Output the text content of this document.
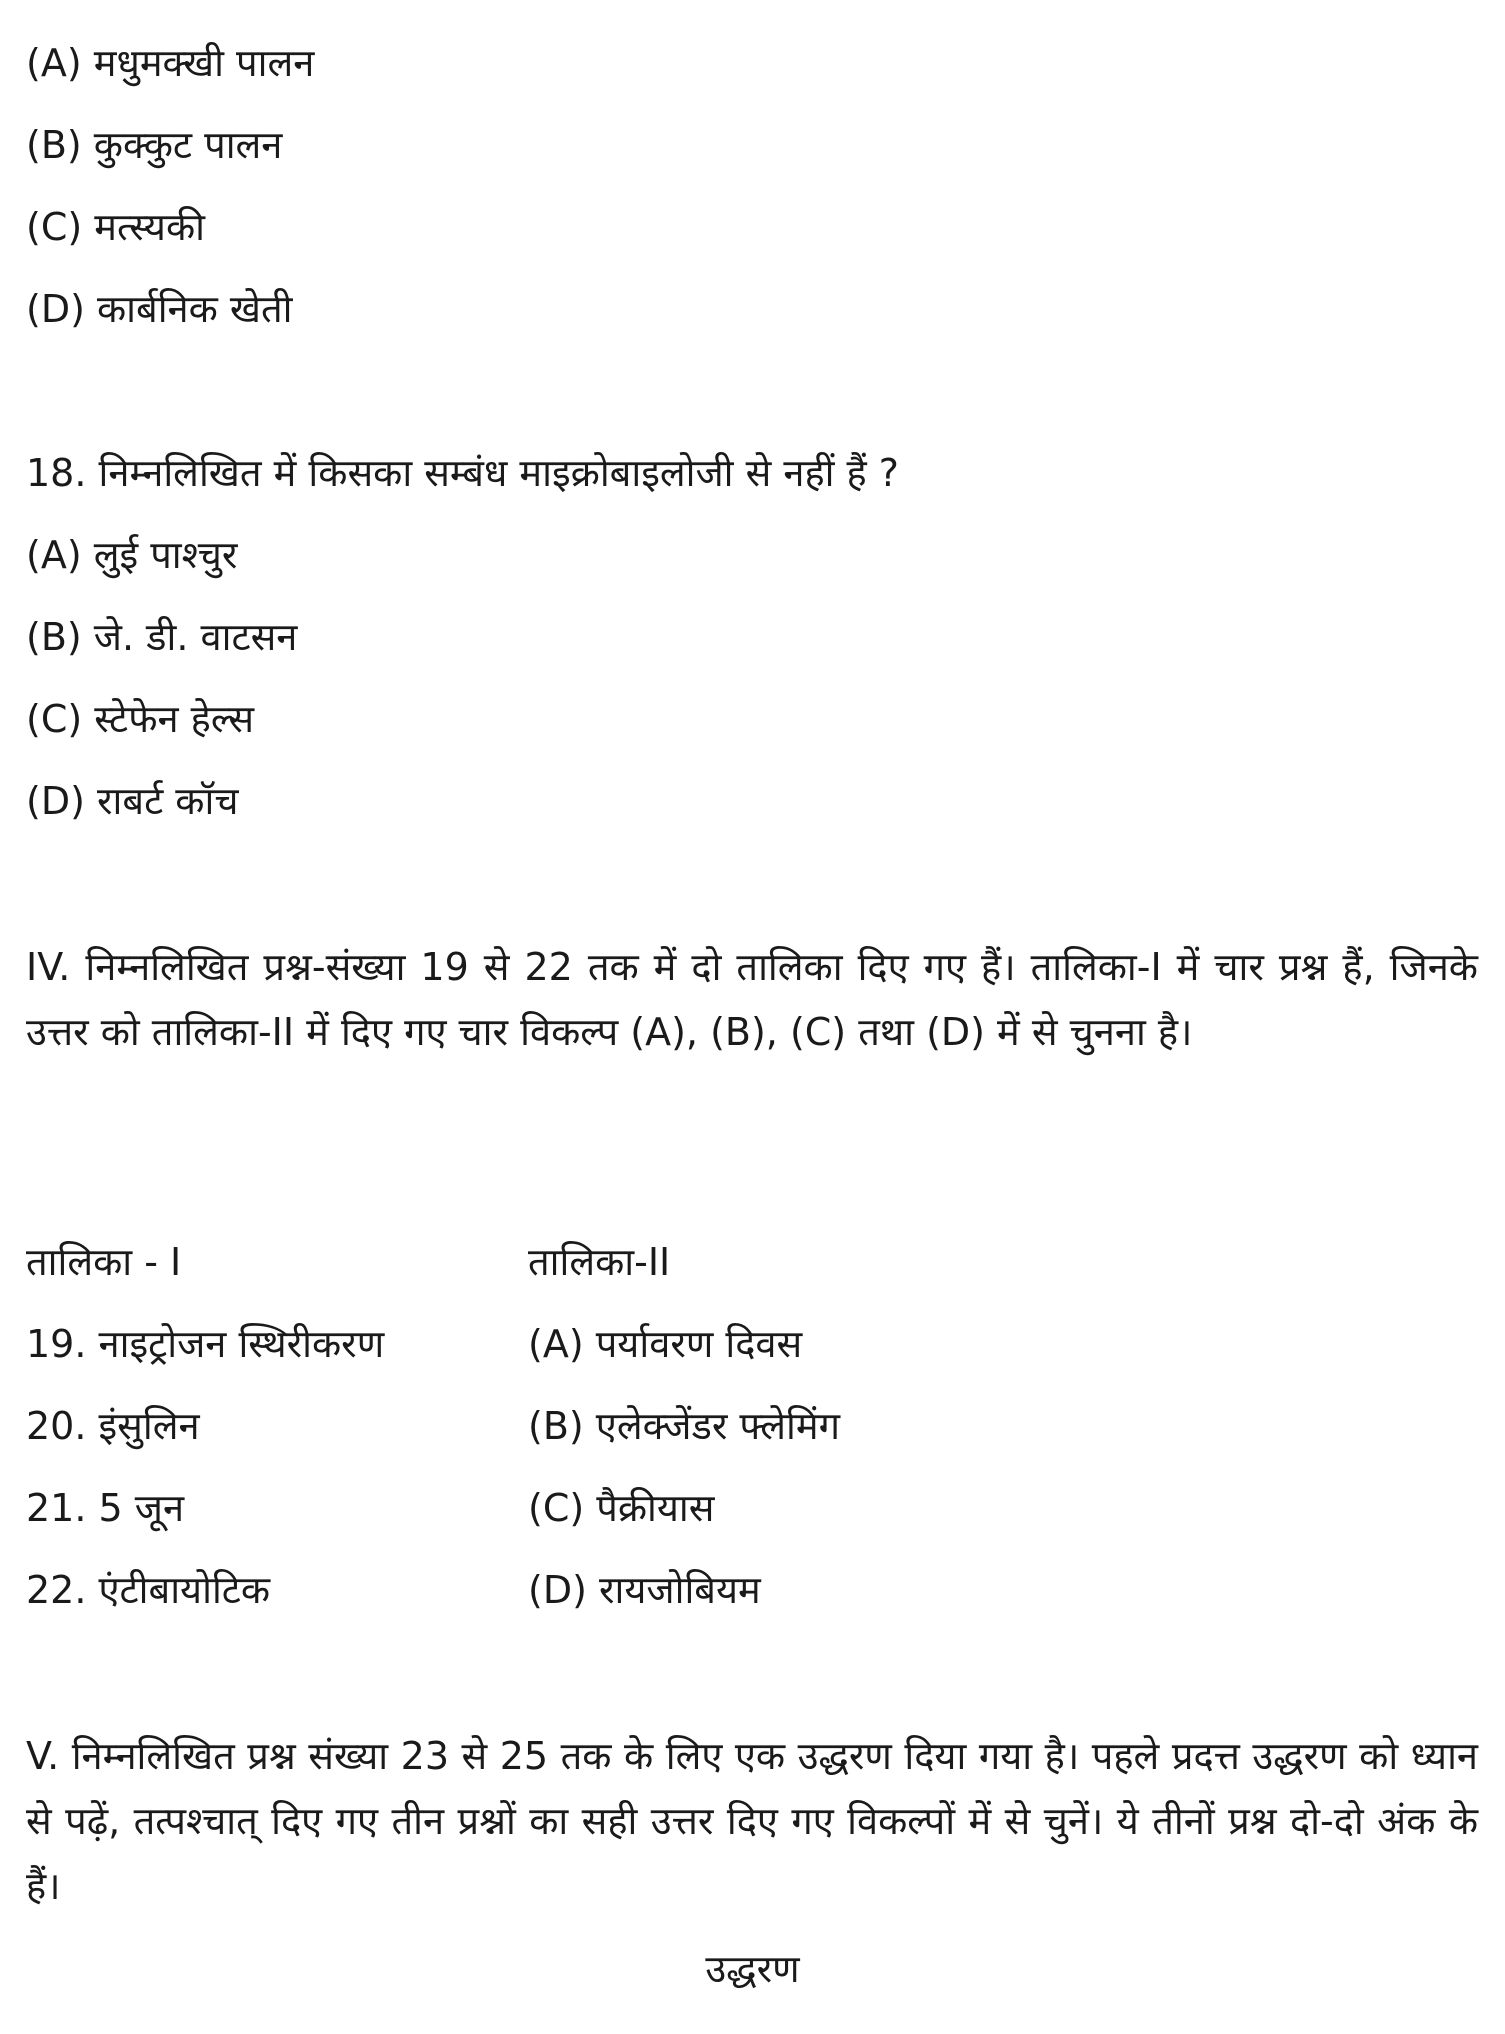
(A) मधुमक्खी पालन
(B) कुक्कुट पालन
(C) मत्स्यकी
(D) कार्बनिक खेती
18. निम्नलिखित में किसका सम्बंध माइक्रोबाइलोजी से नहीं हैं ?
(A) लुई पाश्चुर
(B) जे. डी. वाटसन
(C) स्टेफेन हेल्स
(D) राबर्ट कॉच
IV. निम्नलिखित प्रश्न-संख्या 19 से 22 तक में दो तालिका दिए गए हैं। तालिका-I में चार प्रश्न हैं, जिनके उत्तर को तालिका-II में दिए गए चार विकल्प (A), (B), (C) तथा (D) में से चुनना है।
तालिका - I	तालिका-II
19. नाइट्रोजन स्थिरीकरण	(A) पर्यावरण दिवस
20. इंसुलिन	(B) एलेक्जेंडर फ्लेमिंग
21. 5 जून	(C) पैक्रीयास
22. एंटीबायोटिक	(D) रायजोबियम
V. निम्नलिखित प्रश्न संख्या 23 से 25 तक के लिए एक उद्धरण दिया गया है। पहले प्रदत्त उद्धरण को ध्यान से पढ़ें, तत्पश्चात् दिए गए तीन प्रश्नों का सही उत्तर दिए गए विकल्पों में से चुनें। ये तीनों प्रश्न दो-दो अंक के हैं।
उद्धरण
